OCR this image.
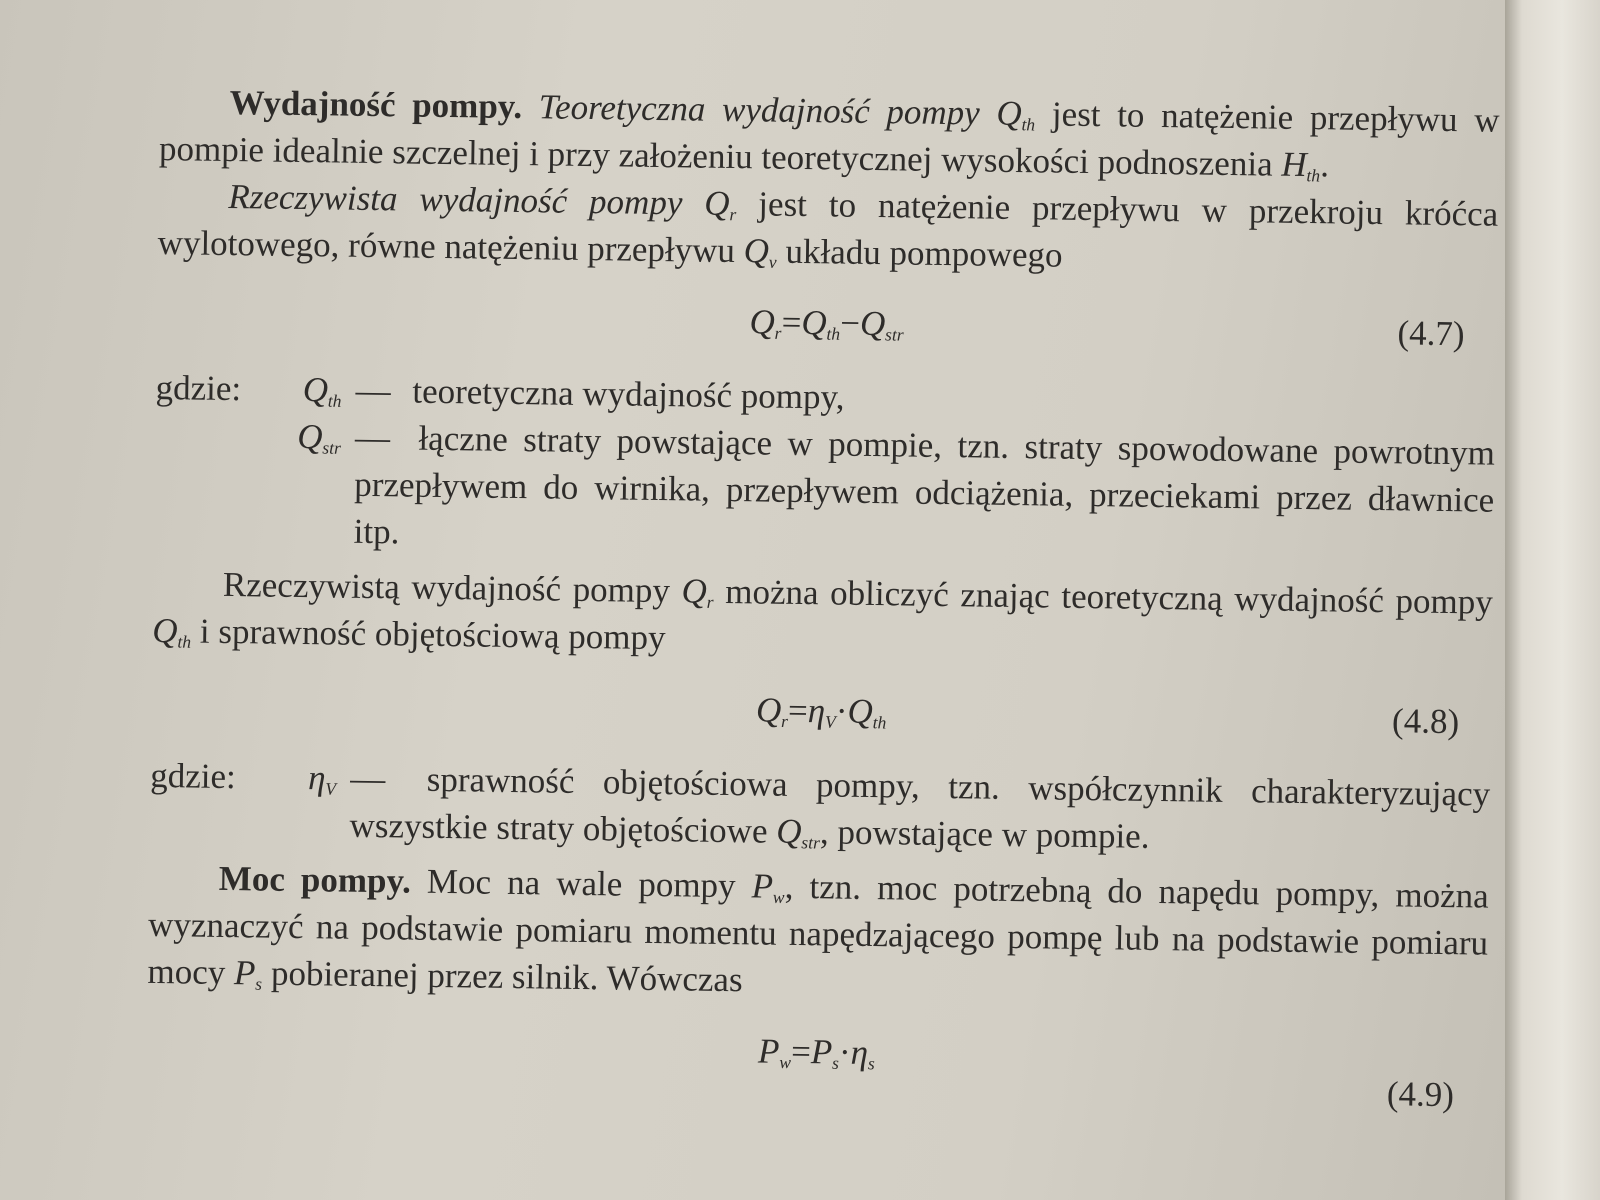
Wydajność pompy. Teoretyczna wydajność pompy $Q_{th}$ jest to natężenie przepływu w pompie idealnie szczelnej i przy założeniu teoretycznej wysokości podnoszenia $H_{th}$.

Rzeczywista wydajność pompy $Q_r$ jest to natężenie przepływu w przekroju króćca wylotowego, równe natężeniu przepływu $Q_v$ układu pompowego

$Q_r=Q_{th}-Q_{str}$	(4.7)
gdzie:	$Q_{th}$ — teoretyczna wydajność pompy,
$Q_{str}$ — łączne straty powstające w pompie, tzn. straty spowodowane powrotnym przepływem do wirnika, przepływem odciążenia, przeciekami przez dławnice itp.

Rzeczywistą wydajność pompy $Q_r$ można obliczyć znając teoretyczną wydajność pompy $Q_{th}$ i sprawność objętościową pompy

$Q_r=\eta_V\cdot Q_{th}$	(4.8)
gdzie:	$\eta_V$ — sprawność objętościowa pompy, tzn. współczynnik charakteryzujący wszystkie straty objętościowe $Q_{str}$, powstające w pompie.

Moc pompy. Moc na wale pompy $P_w$, tzn. moc potrzebną do napędu pompy, można wyznaczyć na podstawie pomiaru momentu napędzającego pompę lub na podstawie pomiaru mocy $P_s$ pobieranej przez silnik. Wówczas

$P_w=P_s\cdot\eta_s$
(4.9)
